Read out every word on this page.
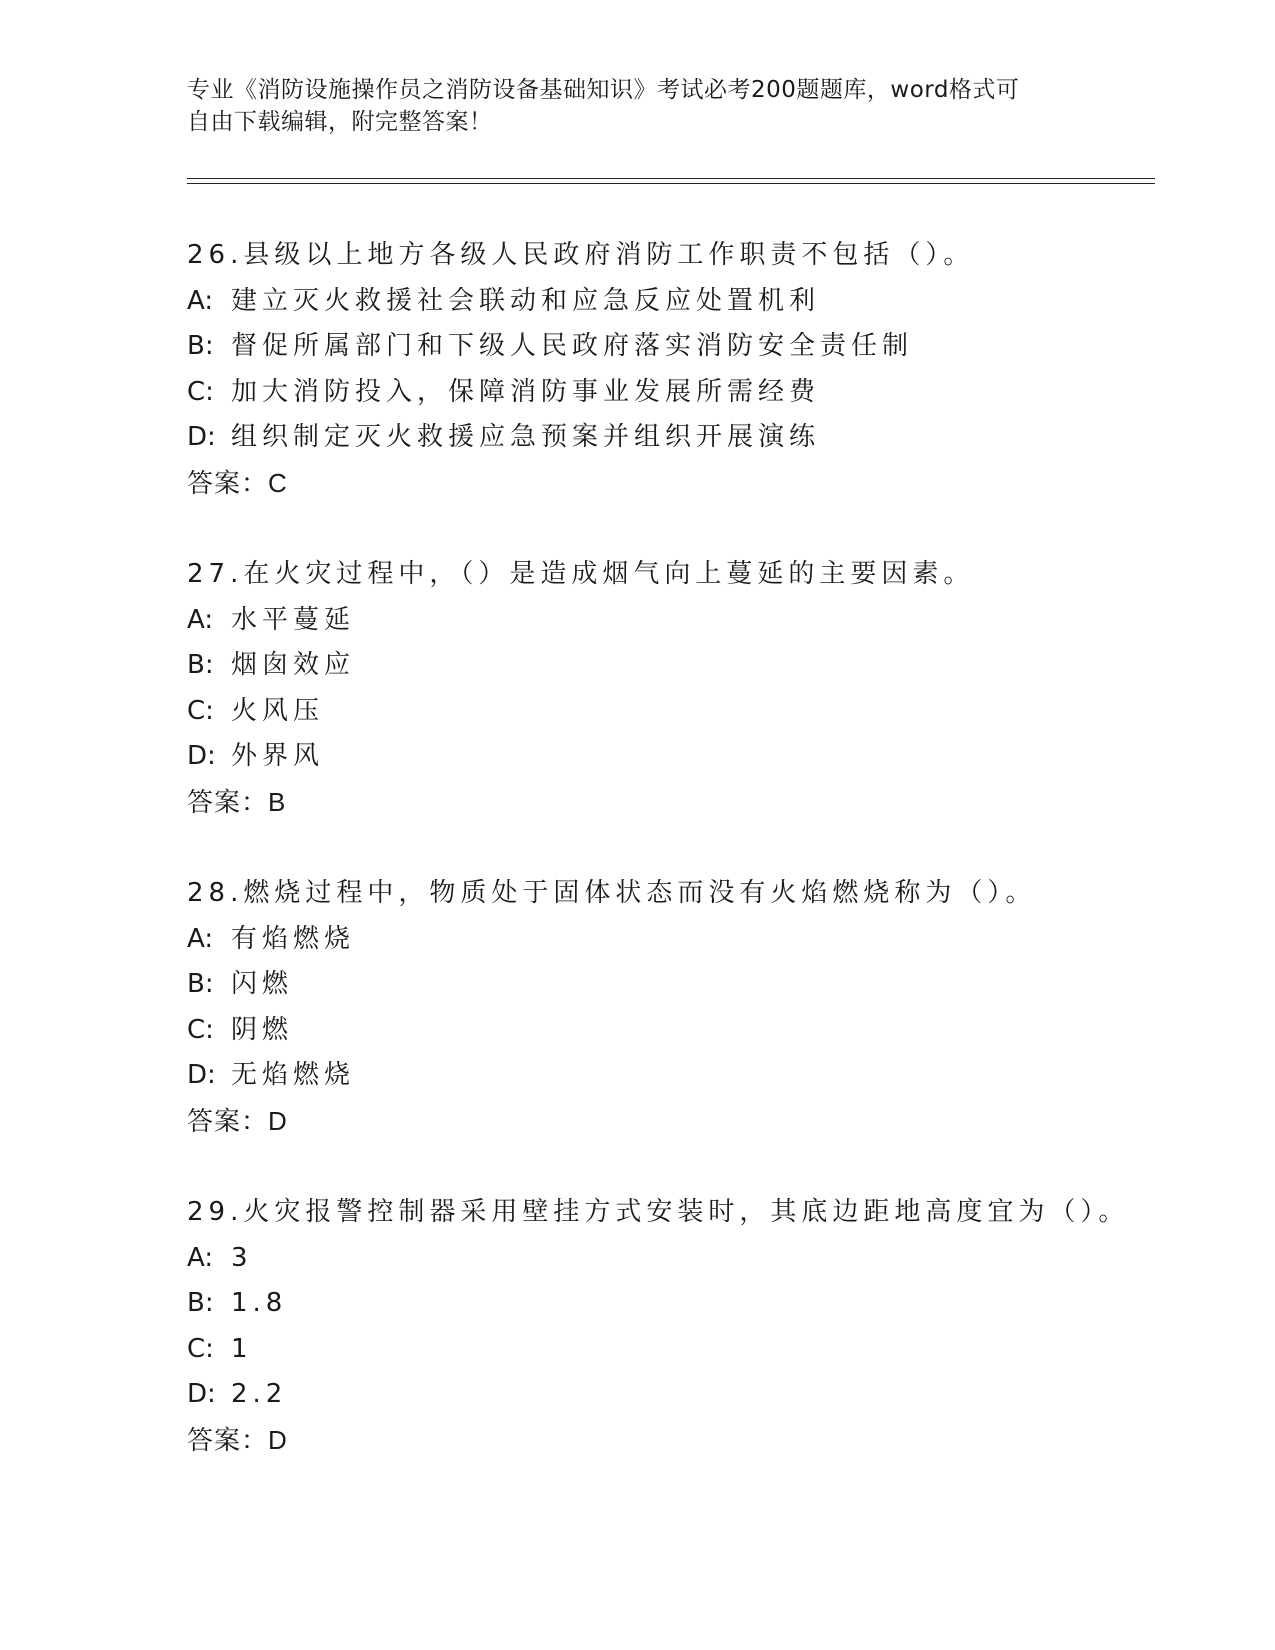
专业《消防设施操作员之消防设备基础知识》考试必考200题题库，word格式可
自由下载编辑，附完整答案！
26.县级以上地方各级人民政府消防工作职责不包括（）。
A: 建立灭火救援社会联动和应急反应处置机利
B: 督促所属部门和下级人民政府落实消防安全责任制
C: 加大消防投入，保障消防事业发展所需经费
D: 组织制定灭火救援应急预案并组织开展演练
答案：C
27.在火灾过程中，（）是造成烟气向上蔓延的主要因素。
A: 水平蔓延
B: 烟囱效应
C: 火风压
D: 外界风
答案：B
28.燃烧过程中，物质处于固体状态而没有火焰燃烧称为（）。
A: 有焰燃烧
B: 闪燃
C: 阴燃
D: 无焰燃烧
答案：D
29.火灾报警控制器采用壁挂方式安装时，其底边距地高度宜为（）。
A: 3
B: 1.8
C: 1
D: 2.2
答案：D
